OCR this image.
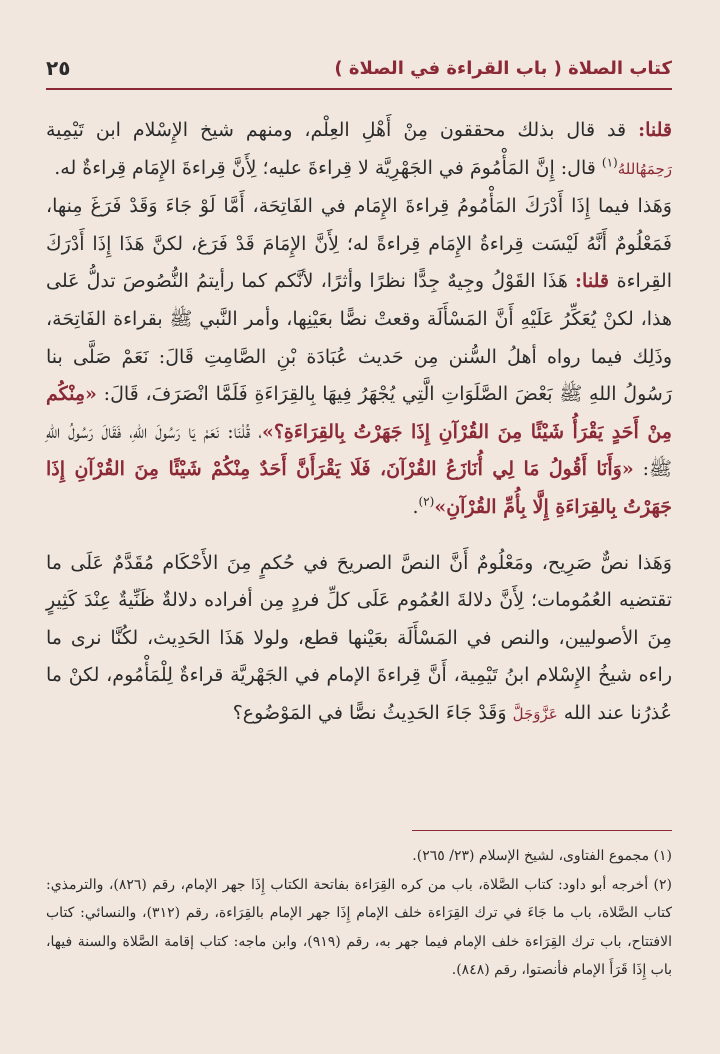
كتاب الصلاة ( باب القراءة في الصلاة )
٢٥

قلنا: قد قال بذلك محققون مِنْ أَهْلِ العِلْم، ومنهم شيخ الإِسْلام ابن تَيْمِية رَحِمَهُاللهُ$^{(١)}$ قال: إِنَّ المَأْمُومَ في الجَهْرِيَّة لا قِراءةَ عليه؛ لِأَنَّ قِراءةَ الإِمَام قِراءةٌ له.

وَهَذا فيما إِذَا أَدْرَكَ المَأْمُومُ قِراءةَ الإِمَام في الفَاتِحَة، أَمَّا لَوْ جَاءَ وَقَدْ فَرَغَ مِنها، فَمَعْلُومٌ أَنَّهُ لَيْسَت قِراءةُ الإِمَام قِراءةً له؛ لِأَنَّ الإِمَامَ قَدْ فَرَغ، لكنَّ هَذَا إِذَا أَدْرَكَ القِراءة قلنا: هَذَا القَوْلُ وجِيهٌ جِدًّا نظرًا وأثرًا، لأنَّكم كما رأيتمُ النُّصُوصَ تدلُّ عَلى هذا، لكنْ يُعَكِّرُ عَلَيْهِ أَنَّ المَسْأَلَة وقعتْ نصًّا بعَيْنِها، وأمر النَّبي ﷺ بقراءة الفَاتِحَة، وذَلِك فيما رواه أهلُ السُّنن مِن حَديث عُبَادَة بْنِ الصَّامِتِ قَالَ: نَعَمْ صَلَّى بنا رَسُولُ اللهِ ﷺ بَعْضَ الصَّلَوَاتِ الَّتِي يُجْهَرُ فِيهَا بِالقِرَاءَةِ فَلَمَّا انْصَرَفَ، قَالَ: «مِنْكُم مِنْ أَحَدٍ يَقْرَأُ شَيْئًا مِنَ القُرْآنِ إِذَا جَهَرْتُ بِالقِرَاءَةِ؟»، قُلْنَا: نَعَمْ يَا رَسُولَ اللهِ، فَقَالَ رَسُولُ اللهِ ﷺ: «وَأَنَا أَقُولُ مَا لِي أُنَازَعُ القُرْآنَ، فَلَا يَقْرَأَنَّ أَحَدٌ مِنْكُمْ شَيْئًا مِنَ القُرْآنِ إِذَا جَهَرْتُ بِالقِرَاءَةِ إِلَّا بِأُمِّ القُرْآنِ»$^{(٢)}$.

وَهَذا نصٌّ صَرِيح، ومَعْلُومٌ أَنَّ النصَّ الصريحَ في حُكمٍ مِنَ الأَحْكَام مُقَدَّمٌ عَلَى ما تقتضيه العُمُومات؛ لِأَنَّ دلالةَ العُمُوم عَلَى كلِّ فردٍ مِن أفراده دلالةٌ ظَنِّيةٌ عِنْدَ كَثِيرٍ مِنَ الأصوليين، والنص في المَسْأَلَة بعَيْنها قطع، ولولا هَذَا الحَدِيث، لكُنَّا نرى ما راءه شيخُ الإِسْلام ابنُ تَيْمِية، أَنَّ قِراءةَ الإمام في الجَهْريَّة قراءةٌ لِلْمَأْمُوم، لكنْ ما عُذرُنا عند الله عَزَّوَجَلَّ وَقَدْ جَاءَ الحَدِيثُ نصًّا في المَوْضُوع؟

(١) مجموع الفتاوى، لشيخ الإسلام (٢٣/ ٢٦٥).

(٢) أخرجه أبو داود: كتاب الصَّلاة، باب من كره القِرَاءة بفاتحة الكتاب إِذَا جهر الإمام، رقم (٨٢٦)، والترمذي: كتاب الصَّلاة، باب ما جَاءَ في ترك القِرَاءة خلف الإمام إِذَا جهر الإمام بالقِرَاءة، رقم (٣١٢)، والنسائي: كتاب الافتتاح، باب ترك القِرَاءة خلف الإمام فيما جهر به، رقم (٩١٩)، وابن ماجه: كتاب إقامة الصَّلاة والسنة فيها، باب إِذَا قَرَأَ الإمام فأنصتوا، رقم (٨٤٨).
